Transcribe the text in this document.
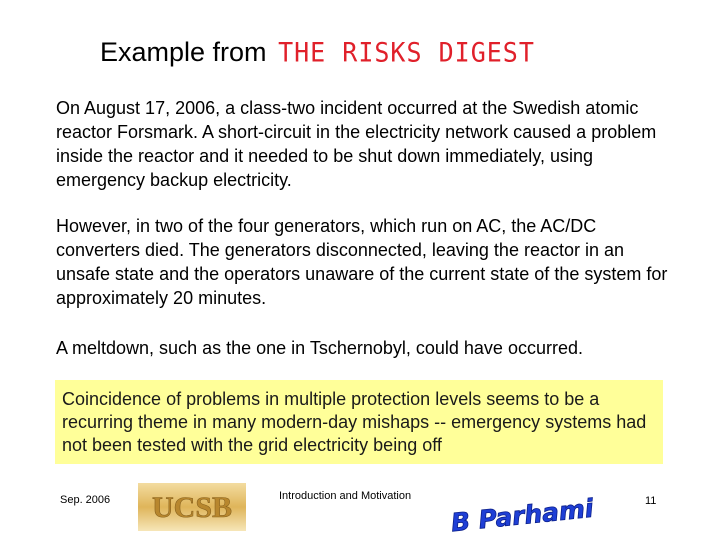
Example from THE RISKS DIGEST

On August 17, 2006, a class-two incident occurred at the Swedish atomic reactor Forsmark. A short-circuit in the electricity network caused a problem inside the reactor and it needed to be shut down immediately, using emergency backup electricity.

However, in two of the four generators, which run on AC, the AC/DC converters died. The generators disconnected, leaving the reactor in an unsafe state and the operators unaware of the current state of the system for approximately 20 minutes.

A meltdown, such as the one in Tschernobyl, could have occurred.

Coincidence of problems in multiple protection levels seems to be a recurring theme in many modern-day mishaps -- emergency systems had not been tested with the grid electricity being off

Sep. 2006 UCSB	Introduction and Motivation B Parhami	11
